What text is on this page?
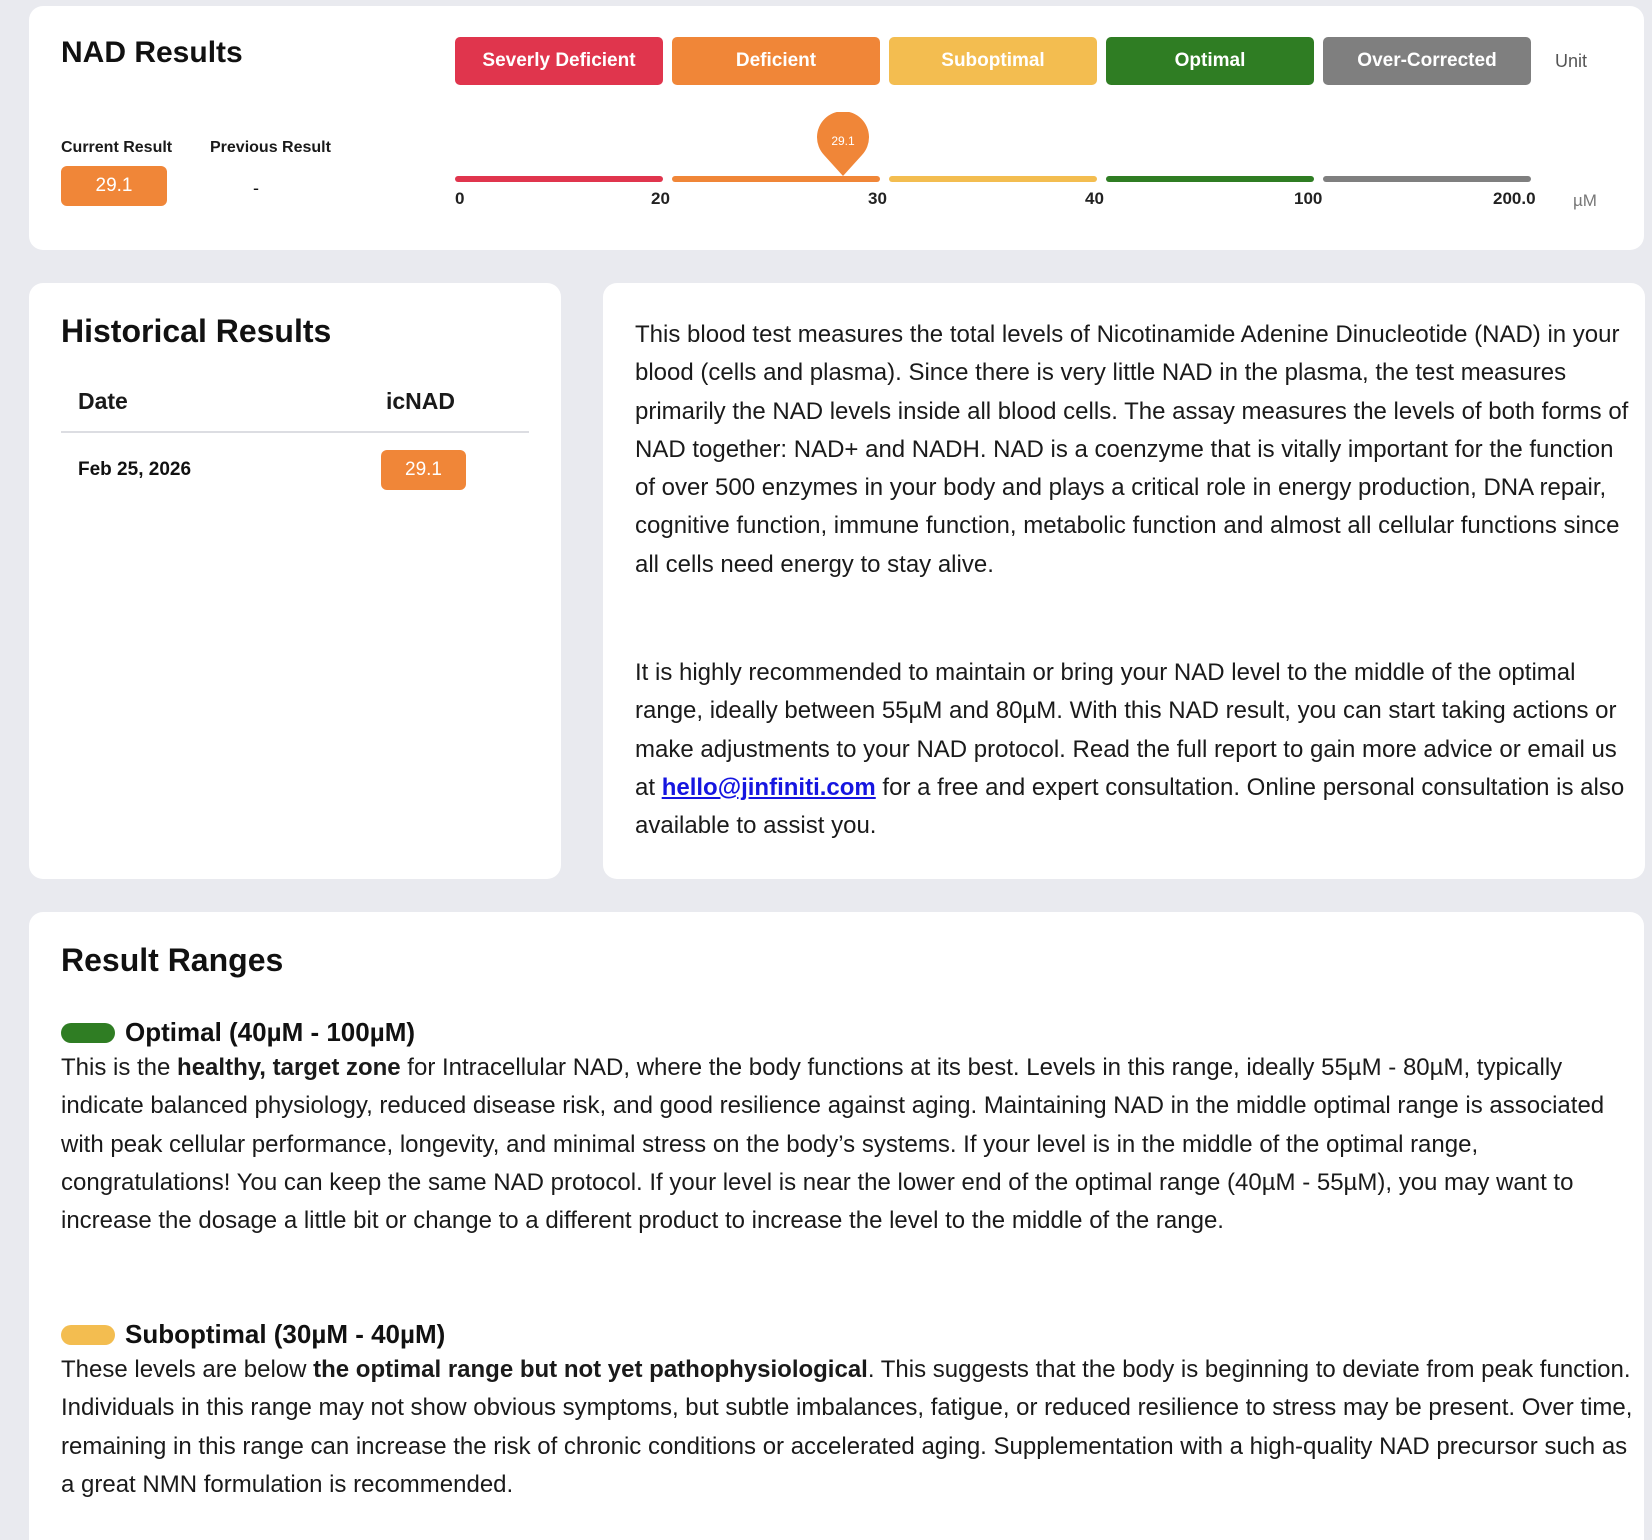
NAD Results
Current Result Previous Result
29.1	-
Severly Deficient	Deficient	Suboptimal	Optimal	Over-Corrected	Unit
0	20	30	40	100	200.0 µM
29.1
Historical Results
Date	icNAD
Feb 25, 2026	29.1

This blood test measures the total levels of Nicotinamide Adenine Dinucleotide (NAD) in your blood (cells and plasma). Since there is very little NAD in the plasma, the test measures primarily the NAD levels inside all blood cells. The assay measures the levels of both forms of NAD together: NAD+ and NADH. NAD is a coenzyme that is vitally important for the function of over 500 enzymes in your body and plays a critical role in energy production, DNA repair, cognitive function, immune function, metabolic function and almost all cellular functions since all cells need energy to stay alive.

It is highly recommended to maintain or bring your NAD level to the middle of the optimal range, ideally between 55µM and 80µM. With this NAD result, you can start taking actions or make adjustments to your NAD protocol. Read the full report to gain more advice or email us at hello@jinfiniti.com for a free and expert consultation. Online personal consultation is also available to assist you.

Result Ranges
Optimal (40µM - 100µM)

This is the healthy, target zone for Intracellular NAD, where the body functions at its best. Levels in this range, ideally 55µM - 80µM, typically indicate balanced physiology, reduced disease risk, and good resilience against aging. Maintaining NAD in the middle optimal range is associated with peak cellular performance, longevity, and minimal stress on the body’s systems. If your level is in the middle of the optimal range, congratulations! You can keep the same NAD protocol. If your level is near the lower end of the optimal range (40µM - 55µM), you may want to increase the dosage a little bit or change to a different product to increase the level to the middle of the range.

Suboptimal (30µM - 40µM)

These levels are below the optimal range but not yet pathophysiological. This suggests that the body is beginning to deviate from peak function. Individuals in this range may not show obvious symptoms, but subtle imbalances, fatigue, or reduced resilience to stress may be present. Over time, remaining in this range can increase the risk of chronic conditions or accelerated aging. Supplementation with a high-quality NAD precursor such as a great NMN formulation is recommended.
